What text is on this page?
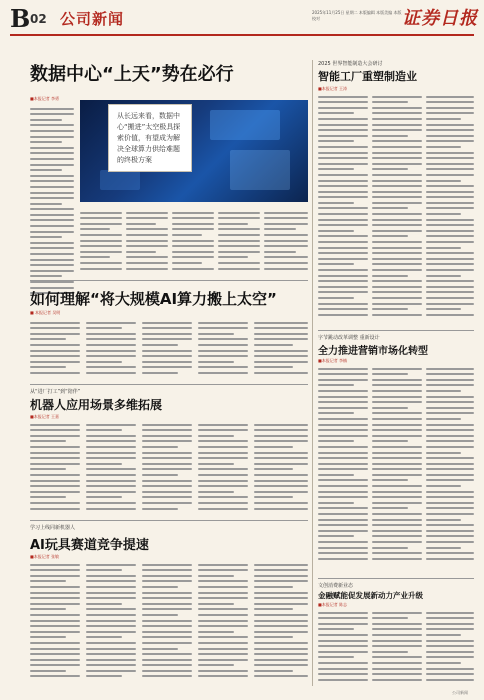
B 02 公司新闻	2025年11月25日 星期二 本版编辑 本版美编 本版校对	证券日报
数据中心“上天”势在必行
■本报记者 李勇
从长远来看，数据中心“搬进”太空极具探索价值，有望成为解决全球算力供给难题的终极方案
如何理解“将大规模AI算力搬上太空”
■ 本报记者 吴明
从“进厂打工”到“陪伴”
机器人应用场景多维拓展
■本报记者 王嘉
学习上线同新机器人
AI玩具赛道竞争提速
■本报记者 张敏
2025 世界智能制造大会研讨
智能工厂重塑制造业
■本报记者 王涛
字节跳动改革调整 重新设计
全力推进营销市场化转型
■本报记者 李楠
文创消费新业态
金融赋能促发展新动力产业升级
■本报记者 陈志
公司新闻
